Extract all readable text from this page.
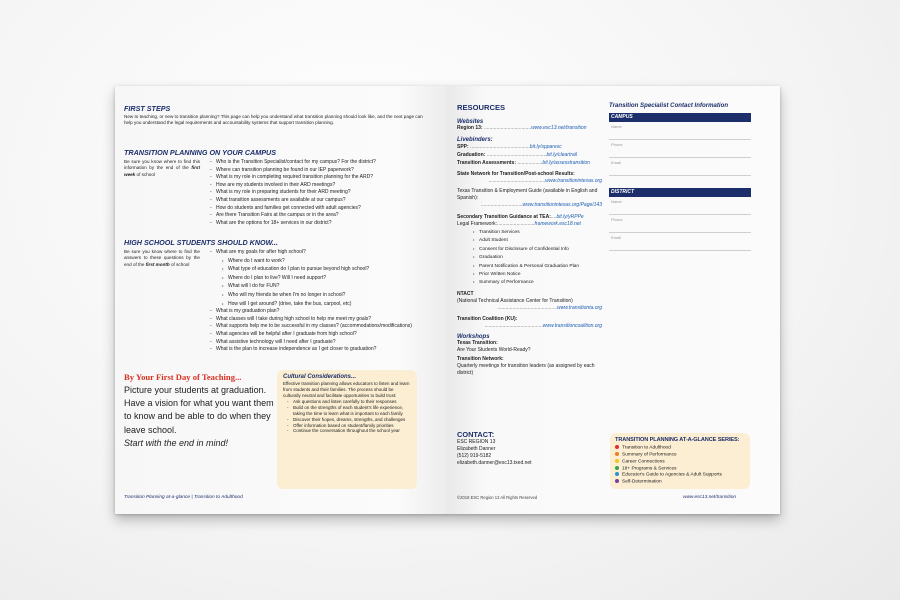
FIRST STEPS
New to teaching, or new to transition planning? This page can help you understand what transition planning should look like, and the next page can help you understand the legal requirements and accountability systems that support transition planning.
TRANSITION PLANNING ON YOUR CAMPUS
Be sure you know where to find this information by the end of the first week of school
- Who is the Transition Specialist/contact for my campus? For the district?
- Where can transition planning be found in our IEP paperwork?
- What is my role in completing required transition planning for the ARD?
- How are my students involved in their ARD meetings?
- What is my role in preparing students for their ARD meeting?
- What transition assessments are available at our campus?
- How do students and families get connected with adult agencies?
- Are there Transition Fairs at the campus or in the area?
- What are the options for 18+ services in our district?
HIGH SCHOOL STUDENTS SHOULD KNOW...
Be sure you know where to find the answers to these questions by the end of the first month of school
- What are my goals for after high school?
• Where do I want to work?
• What type of education do I plan to pursue beyond high school?
• Where do I plan to live? Will I need support?
• What will I do for FUN?
• Who will my friends be when I'm no longer in school?
• How will I get around? (drive, take the bus, carpool, etc)
- What is my graduation plan?
- What classes will I take during high school to help me meet my goals?
- What supports help me to be successful in my classes? (accommodations/modifications)
- What agencies will be helpful after I graduate from high school?
- What assistive technology will I need after I graduate?
- What is the plan to increase independence as I get closer to graduation?
By Your First Day of Teaching...
Picture your students at graduation. Have a vision for what you want them to know and be able to do when they leave school.
Start with the end in mind!
Cultural Considerations...
Effective transition planning allows educators to listen and learn from students and their families. The process should be culturally neutral and facilitate opportunities to build trust:
- Ask questions and listen carefully to their responses
- Build on the strengths of each student's life experience, taking the time to learn what is important to each family
- Discover their hopes, dreams, strengths, and challenges
- Offer information based on student/family priorities
- Continue the conversation throughout the school year
Transition Planning at-a-glance | Transition to Adulthood
RESOURCES
Websites
Region 13: ..................................www.esc13.net/transition
Livebinders:
SPP: ...........................................bit.ly/spparesc
Graduation: ...........................................bit.ly/cleartrail
Transition Assessments: ..................bit.ly/assesstransition
State Network for Transition/Post-school Results:
.........................................www.transitionintexas.org
Texas Transition & Employment Guide (available in English and Spanish):
..............................www.transitionintexas.org/Page/143
Secondary Transition Guidance at TEA:....bit.ly/yRPPe
Legal Framework:...........................framework.esc18.net
• Transition Services
• Adult Student
• Consent for Disclosure of Confidential Info
• Graduation
• Parent Notification & Personal Graduation Plan
• Prior Written Notice
• Summary of Performance
NTACT
(National Technical Assistance Center for Transition)
...........................................www.transitionta.org
Transition Coalition (KU):
..........................................www.transitioncoalition.org
Workshops
Texas Transition:
Are Your Students World-Ready?
Transition Network:
Quarterly meetings for transition leaders (as assigned by each district)
CONTACT:
ESC REGION 13
Elizabeth Danner
(512) 919-5182
elizabeth.danner@esc13.txed.net
©2018 ESC Region 13 All Rights Reserved
Transition Specialist Contact Information
CAMPUS
Name
Phone
Email
DISTRICT
Name
Phone
Email
TRANSITION PLANNING AT-A-GLANCE SERIES:
Transition to Adulthood
Summary of Performance
Career Connections
18+ Programs & Services
Educator's Guide to Agencies & Adult Supports
Self-Determination
www.esc13.net/transition
